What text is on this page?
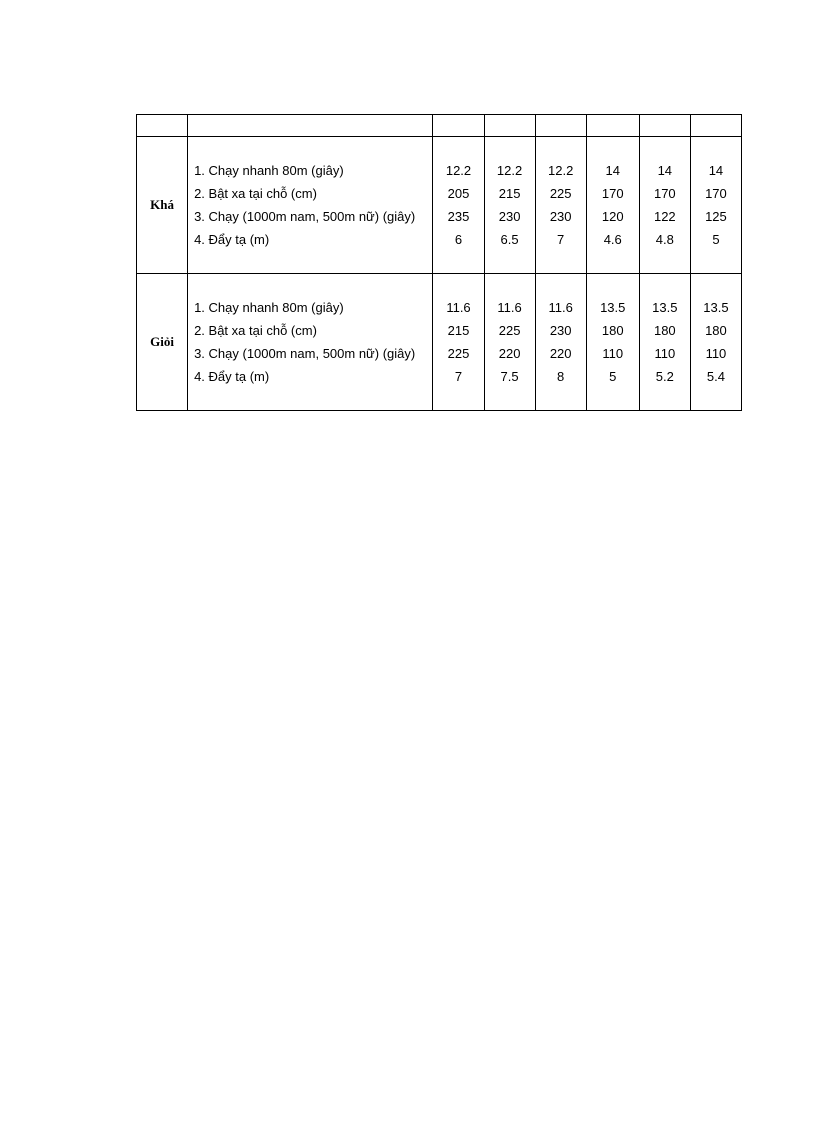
Khá	1. Chạy nhanh 80m (giây)
2. Bật xa tại chỗ (cm)
3. Chạy (1000m nam, 500m nữ) (giây)
4. Đẩy tạ (m)	12.2
205
235
6	12.2
215
230
6.5	12.2
225
230
7	14
170
120
4.6	14
170
122
4.8	14
170
125
5

Giỏi	1. Chạy nhanh 80m (giây)
2. Bật xa tại chỗ (cm)
3. Chạy (1000m nam, 500m nữ) (giây)
4. Đẩy tạ (m)	11.6
215
225
7	11.6
225
220
7.5	11.6
230
220
8	13.5
180
110
5	13.5
180
110
5.2	13.5
180
110
5.4
